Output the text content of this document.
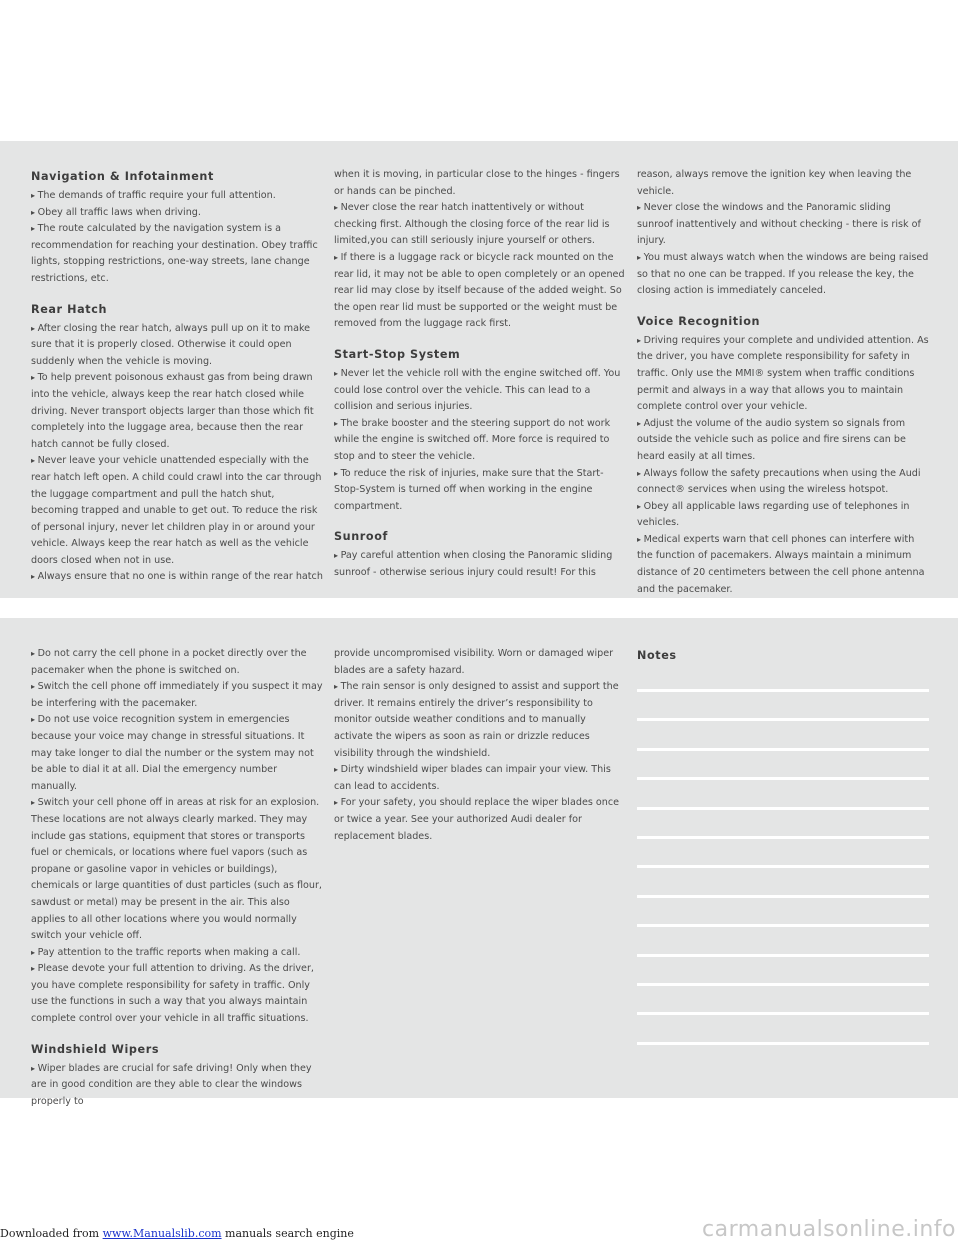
Navigation & Infotainment

▸ The demands of traffic require your full attention.

▸ Obey all traffic laws when driving.

▸ The route calculated by the navigation system is a recommendation for reaching your destination. Obey traffic lights, stopping restrictions, one-way streets, lane change restrictions, etc.

Rear Hatch

▸ After closing the rear hatch, always pull up on it to make sure that it is properly closed. Otherwise it could open suddenly when the vehicle is moving.

▸ To help prevent poisonous exhaust gas from being drawn into the vehicle, always keep the rear hatch closed while driving. Never transport objects larger than those which fit completely into the luggage area, because then the rear hatch cannot be fully closed.

▸ Never leave your vehicle unattended especially with the rear hatch left open. A child could crawl into the car through the luggage compartment and pull the hatch shut, becoming trapped and unable to get out. To reduce the risk of personal injury, never let children play in or around your vehicle. Always keep the rear hatch as well as the vehicle doors closed when not in use.

▸ Always ensure that no one is within range of the rear hatch

when it is moving, in particular close to the hinges - fingers or hands can be pinched.

▸ Never close the rear hatch inattentively or without checking first. Although the closing force of the rear lid is limited,you can still seriously injure yourself or others.

▸ If there is a luggage rack or bicycle rack mounted on the rear lid, it may not be able to open completely or an opened rear lid may close by itself because of the added weight. So the open rear lid must be supported or the weight must be removed from the luggage rack first.

Start-Stop System

▸ Never let the vehicle roll with the engine switched off. You could lose control over the vehicle. This can lead to a collision and serious injuries.

▸ The brake booster and the steering support do not work while the engine is switched off. More force is required to stop and to steer the vehicle.

▸ To reduce the risk of injuries, make sure that the Start-Stop-System is turned off when working in the engine compartment.

Sunroof

▸ Pay careful attention when closing the Panoramic sliding sunroof - otherwise serious injury could result! For this

reason, always remove the ignition key when leaving the vehicle.

▸ Never close the windows and the Panoramic sliding sunroof inattentively and without checking - there is risk of injury.

▸ You must always watch when the windows are being raised so that no one can be trapped. If you release the key, the closing action is immediately canceled.

Voice Recognition

▸ Driving requires your complete and undivided attention. As the driver, you have complete responsibility for safety in traffic. Only use the MMI® system when traffic conditions permit and always in a way that allows you to maintain complete control over your vehicle.

▸ Adjust the volume of the audio system so signals from outside the vehicle such as police and fire sirens can be heard easily at all times.

▸ Always follow the safety precautions when using the Audi connect® services when using the wireless hotspot.

▸ Obey all applicable laws regarding use of telephones in vehicles.

▸ Medical experts warn that cell phones can interfere with the function of pacemakers. Always maintain a minimum distance of 20 centimeters between the cell phone antenna and the pacemaker.

▸ Do not carry the cell phone in a pocket directly over the pacemaker when the phone is switched on.

▸ Switch the cell phone off immediately if you suspect it may be interfering with the pacemaker.

▸ Do not use voice recognition system in emergencies because your voice may change in stressful situations. It may take longer to dial the number or the system may not be able to dial it at all. Dial the emergency number manually.

▸ Switch your cell phone off in areas at risk for an explosion. These locations are not always clearly marked. They may include gas stations, equipment that stores or transports fuel or chemicals, or locations where fuel vapors (such as propane or gasoline vapor in vehicles or buildings), chemicals or large quantities of dust particles (such as flour, sawdust or metal) may be present in the air. This also applies to all other locations where you would normally switch your vehicle off.

▸ Pay attention to the traffic reports when making a call.

▸ Please devote your full attention to driving. As the driver, you have complete responsibility for safety in traffic. Only use the functions in such a way that you always maintain complete control over your vehicle in all traffic situations.

Windshield Wipers

▸ Wiper blades are crucial for safe driving! Only when they are in good condition are they able to clear the windows properly to

provide uncompromised visibility. Worn or damaged wiper blades are a safety hazard.

▸ The rain sensor is only designed to assist and support the driver. It remains entirely the driver’s responsibility to monitor outside weather conditions and to manually activate the wipers as soon as rain or drizzle reduces visibility through the windshield.

▸ Dirty windshield wiper blades can impair your view. This can lead to accidents.

▸ For your safety, you should replace the wiper blades once or twice a year. See your authorized Audi dealer for replacement blades.

Notes
Downloaded from www.Manualslib.com manuals search engine	carmanualsonline.info
